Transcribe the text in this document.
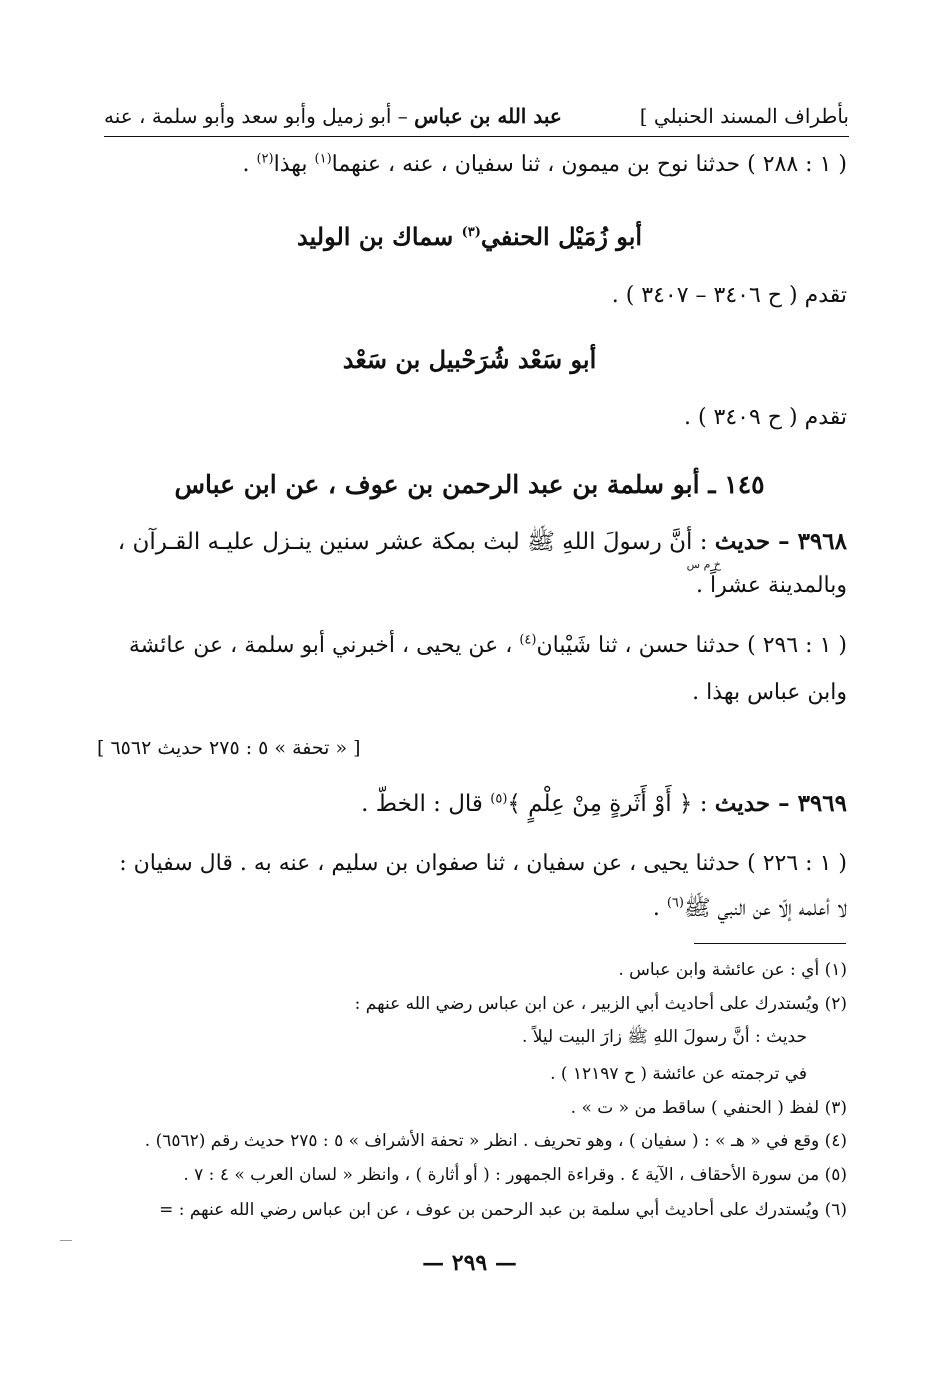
بأطراف المسند الحنبلي ]
عبد الله بن عباس – أبو زميل وأبو سعد وأبو سلمة ، عنه
( ١ : ٢٨٨ ) حدثنا نوح بن ميمون ، ثنا سفيان ، عنه ، عنهما$^{(١)}$ بهذا$^{(٢)}$ .
أبو زُمَيْل الحنفي$^{(٣)}$ سماك بن الوليد
تقدم ( ح ٣٤٠٦ – ٣٤٠٧ ) .
أبو سَعْد شُرَحْبيل بن سَعْد
تقدم ( ح ٣٤٠٩ ) .
١٤٥ ـ أبو سلمة بن عبد الرحمن بن عوف ، عن ابن عباس
٣٩٦٨ – حديث : أنَّ رسولَ اللهِ ﷺ لبث بمكة عشر سنين ينـزل عليـه القـرآن ،
خ م س
وبالمدينة عشراً .
( ١ : ٢٩٦ ) حدثنا حسن ، ثنا شَيْبان$^{(٤)}$ ، عن يحيى ، أخبرني أبو سلمة ، عن عائشة
وابن عباس بهذا .
[ « تحفة » ٥ : ٢٧٥ حديث ٦٥٦٢ ]
٣٩٦٩ – حديث : ﴿ أَوْ أَثَرةٍ مِنْ عِلْمٍ ﴾$^{(٥)}$ قال : الخطّ .
( ١ : ٢٢٦ ) حدثنا يحيى ، عن سفيان ، ثنا صفوان بن سليم ، عنه به . قال سفيان :
لا أعلمه إلّا عن النبي ﷺ$^{(٦)}$ .
(١) أي : عن عائشة وابن عباس .
(٢) ويُستدرك على أحاديث أبي الزبير ، عن ابن عباس رضي الله عنهم :
حديث : أنَّ رسولَ اللهِ ﷺ زارَ البيت ليلاً .
في ترجمته عن عائشة ( ح ١٢١٩٧ ) .
(٣) لفظ ( الحنفي ) ساقط من « ت » .
(٤) وقع في « هـ » : ( سفيان ) ، وهو تحريف . انظر « تحفة الأشراف » ٥ : ٢٧٥ حديث رقم (٦٥٦٢) .
(٥) من سورة الأحقاف ، الآية ٤ . وقراءة الجمهور : ( أو أثارة ) ، وانظر « لسان العرب » ٤ : ٧ .
(٦) ويُستدرك على أحاديث أبي سلمة بن عبد الرحمن بن عوف ، عن ابن عباس رضي الله عنهم : =
— ٢٩٩ —
